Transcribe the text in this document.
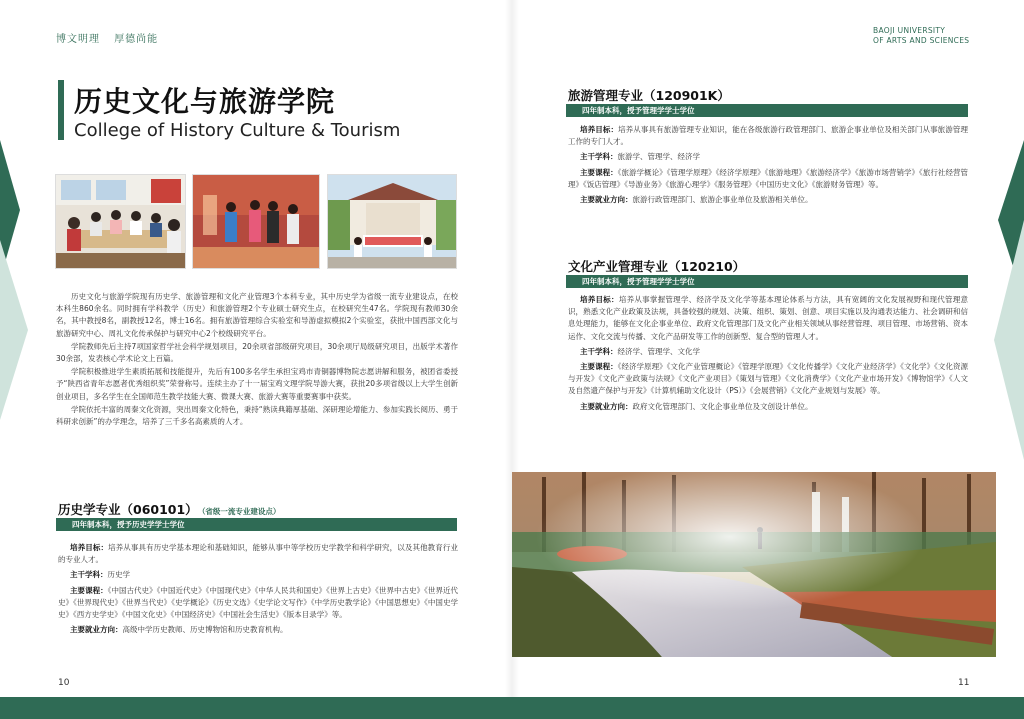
博文明理 厚德尚能
BAOJI UNIVERSITY
OF ARTS AND SCIENCES
历史文化与旅游学院
College of History Culture & Tourism

历史文化与旅游学院现有历史学、旅游管理和文化产业管理3个本科专业，其中历史学为省级一流专业建设点，在校本科生860余名。同时拥有学科教学（历史）和旅游管理2个专业硕士研究生点，在校研究生47名。学院现有教师30余名，其中教授8名，副教授12名，博士16名。拥有旅游管理综合实验室和导游虚拟模拟2个实验室，获批中国西部文化与旅游研究中心、周礼文化传承保护与研究中心2个校级研究平台。

学院教师先后主持7项国家哲学社会科学规划项目，20余项省部级研究项目，30余项厅局级研究项目，出版学术著作30余部，发表核心学术论文上百篇。

学院积极推进学生素质拓展和技能提升，先后有100多名学生承担宝鸡市青铜器博物院志愿讲解和服务，被团省委授予“陕西省青年志愿者优秀组织奖”荣誉称号。连续主办了十一届宝鸡文理学院导游大赛，获批20多项省级以上大学生创新创业项目，多名学生在全国师范生教学技能大赛、微课大赛、旅游大赛等重要赛事中获奖。

学院依托丰富的周秦文化资源，突出周秦文化特色，秉持“熟读典籍厚基础、深研理论增能力、参加实践长阅历、勇于科研求创新”的办学理念，培养了三千多名高素质的人才。

历史学专业（060101） （省级一流专业建设点）
四年制本科，授予历史学学士学位

培养目标：培养从事具有历史学基本理论和基础知识，能够从事中等学校历史学教学和科学研究，以及其他教育行业的专业人才。

主干学科：历史学

主要课程：《中国古代史》《中国近代史》《中国现代史》《中华人民共和国史》《世界上古史》《世界中古史》《世界近代史》《世界现代史》《世界当代史》《史学概论》《历史文选》《史学论文写作》《中学历史教学论》《中国思想史》《中国史学史》《西方史学史》《中国文化史》《中国经济史》《中国社会生活史》《版本目录学》等。

主要就业方向：高级中学历史教师、历史博物馆和历史教育机构。

旅游管理专业（120901K）
四年制本科，授予管理学学士学位

培养目标：培养从事具有旅游管理专业知识，能在各级旅游行政管理部门、旅游企事业单位及相关部门从事旅游管理工作的专门人才。

主干学科：旅游学、管理学、经济学

主要课程：《旅游学概论》《管理学原理》《经济学原理》《旅游地理》《旅游经济学》《旅游市场营销学》《旅行社经营管理》《饭店管理》《导游业务》《旅游心理学》《服务管理》《中国历史文化》《旅游财务管理》等。

主要就业方向：旅游行政管理部门、旅游企事业单位及旅游相关单位。

文化产业管理专业（120210）
四年制本科，授予管理学学士学位

培养目标：培养从事掌握管理学、经济学及文化学等基本理论体系与方法，具有宽阔的文化发展视野和现代管理意识，熟悉文化产业政策及法规，具备较强的规划、决策、组织、策划、创意、项目实施以及沟通表达能力、社会调研和信息处理能力，能够在文化企事业单位、政府文化管理部门及文化产业相关领域从事经营管理、项目管理、市场营销、资本运作、文化交流与传播、文化产品研发等工作的创新型、复合型的管理人才。

主干学科：经济学、管理学、文化学

主要课程：《经济学原理》《文化产业管理概论》《管理学原理》《文化传播学》《文化产业经济学》《文化学》《文化资源与开发》《文化产业政策与法规》《文化产业项目》《策划与管理》《文化消费学》《文化产业市场开发》《博物馆学》《人文及自然遗产保护与开发》《计算机辅助文化设计（PS）》《会展营销》《文化产业规划与发展》等。

主要就业方向：政府文化管理部门、文化企事业单位及文创设计单位。

10	11
